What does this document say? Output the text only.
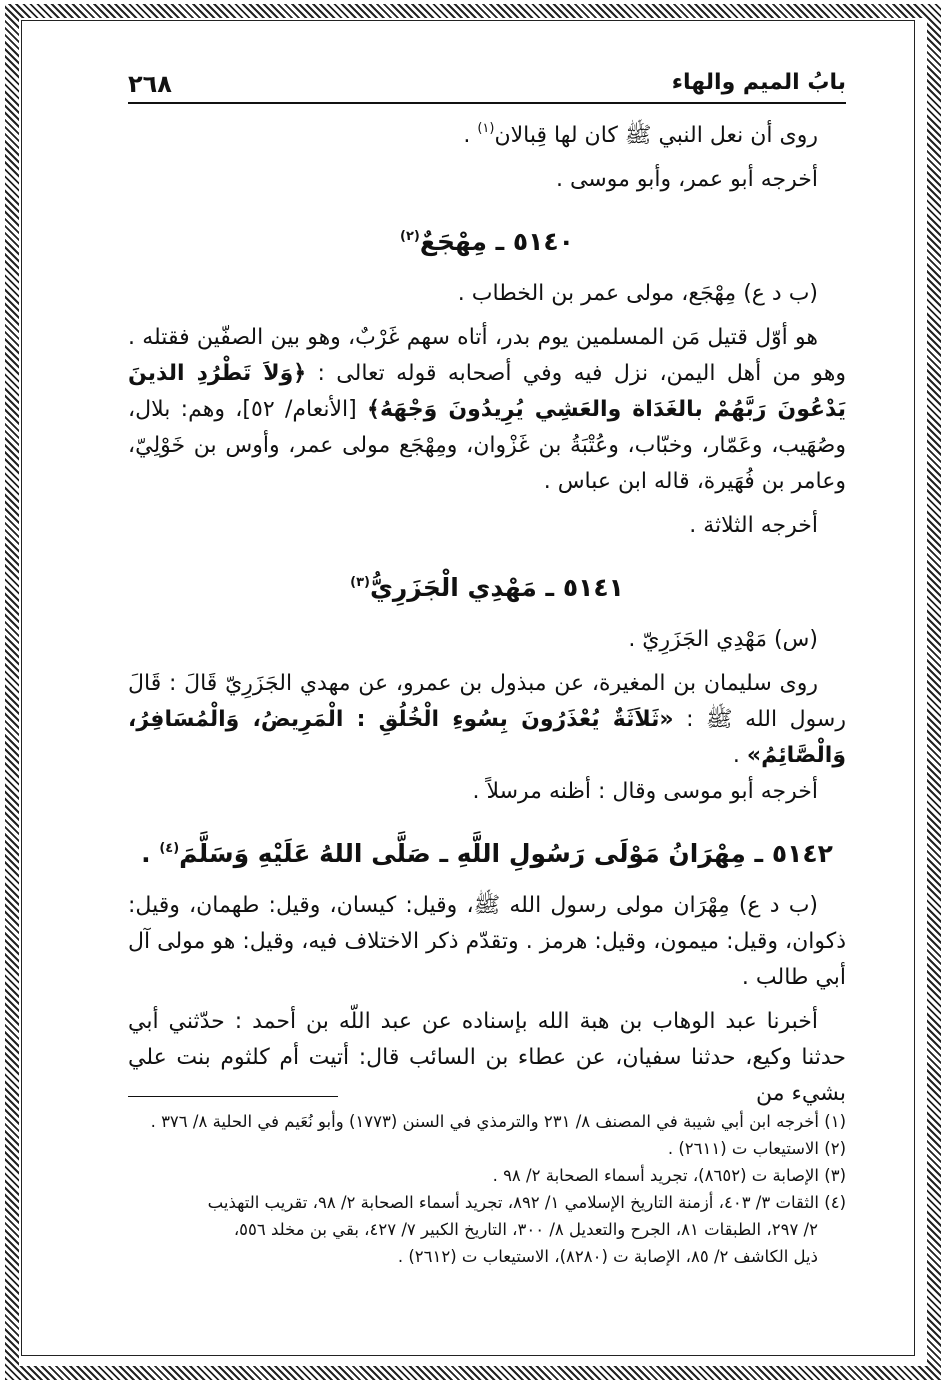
بابُ الميم والهاء
٢٦٨

روى أن نعل النبي ﷺ كان لها قِبالان$^{(١)}$ .

أخرجه أبو عمر، وأبو موسى .

٥١٤٠ ـ مِهْجَعٌ$^{(٢)}$

(ب د ع) مِهْجَع، مولى عمر بن الخطاب .

هو أوّل قتيل مَن المسلمين يوم بدر، أتاه سهم غَرْبٌ، وهو بين الصفّين فقتله . وهو من أهل اليمن، نزل فيه وفي أصحابه قوله تعالى : ﴿وَلاَ تَطْرُدِ الذينَ يَدْعُونَ رَبَّهُمْ بالغَدَاة والعَشِي يُرِيدُونَ وَجْهَهُ﴾ [الأنعام/ ٥٢]، وهم: بلال، وصُهَيب، وعَمّار، وخبّاب، وعُتْبَةُ بن غَزْوان، ومِهْجَع مولى عمر، وأوس بن خَوْلِيّ، وعامر بن فُهَيرة، قاله ابن عباس .

أخرجه الثلاثة .

٥١٤١ ـ مَهْدِي الْجَزَرِيُّ$^{(٣)}$

(س) مَهْدِي الجَزَرِيّ .

روى سليمان بن المغيرة، عن مبذول بن عمرو، عن مهدي الجَزَرِيّ قَالَ : قَالَ رسول الله ﷺ : «ثَلاَثَةٌ يُعْذَرُونَ بِسُوءِ الْخُلُقِ : الْمَرِيضُ، وَالْمُسَافِرُ، وَالْصَّائِمُ» .

أخرجه أبو موسى وقال : أظنه مرسلاً .

٥١٤٢ ـ مِهْرَانُ مَوْلَى رَسُولِ اللَّهِ ـ صَلَّى اللهُ عَلَيْهِ وَسَلَّمَ$^{(٤)}$ .

(ب د ع) مِهْرَان مولى رسول الله ﷺ، وقيل: كيسان، وقيل: طهمان، وقيل: ذكوان، وقيل: ميمون، وقيل: هرمز . وتقدّم ذكر الاختلاف فيه، وقيل: هو مولى آل أبي طالب .

أخبرنا عبد الوهاب بن هبة الله بإسناده عن عبد اللّه بن أحمد : حدّثني أبي حدثنا وكيع، حدثنا سفيان، عن عطاء بن السائب قال: أتيت أم كلثوم بنت علي بشيء من

(١) أخرجه ابن أبي شيبة في المصنف ٨/ ٢٣١ والترمذي في السنن (١٧٧٣) وأبو نُعَيم في الحلية ٨/ ٣٧٦ .

(٢) الاستيعاب ت (٢٦١١) .

(٣) الإصابة ت (٨٦٥٢)، تجريد أسماء الصحابة ٢/ ٩٨ .

(٤) الثقات ٣/ ٤٠٣، أزمنة التاريخ الإسلامي ١/ ٨٩٢، تجريد أسماء الصحابة ٢/ ٩٨، تقريب التهذيب

٢/ ٢٩٧، الطبقات ٨١، الجرح والتعديل ٨/ ٣٠٠، التاريخ الكبير ٧/ ٤٢٧، بقي بن مخلد ٥٥٦،

ذيل الكاشف ٢/ ٨٥، الإصابة ت (٨٢٨٠)، الاستيعاب ت (٢٦١٢) .
